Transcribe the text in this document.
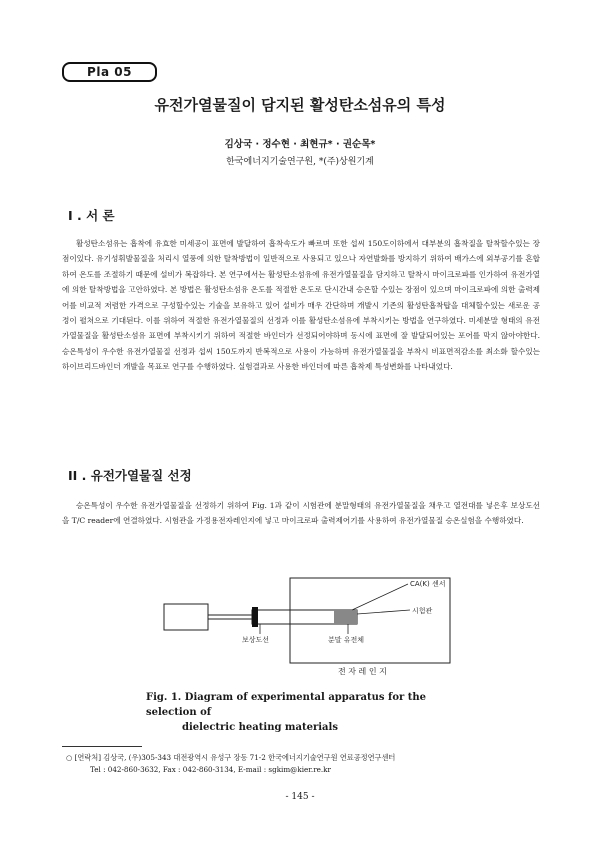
Pla 05
유전가열물질이 담지된 활성탄소섬유의 특성
김상국 · 정수현 · 최현규* · 권순목*
한국에너지기술연구원, *(주)상원기계
I . 서 론

활성탄소섬유는 흡착에 유효한 미세공이 표면에 발달하여 흡착속도가 빠르며 또한 섭씨 150도이하에서 대부분의 흡착질을 탈착할수있는 장점이있다. 유기성휘발물질을 처리시 열풍에 의한 탈착방법이 일반적으로 사용되고 있으나 자연발화를 방지하기 위하여 배가스에 외부공기를 혼합하여 온도를 조절하기 때문에 설비가 복잡하다. 본 연구에서는 활성탄소섬유에 유전가열물질을 담지하고 탈착시 마이크로파를 인가하여 유전가열에 의한 탈착방법을 고안하였다. 본 방법은 활성탄소섬유 온도를 적절한 온도로 단시간내 승온할 수있는 장점이 있으며 마이크로파에 의한 출력제어를 비교적 저렴한 가격으로 구성할수있는 기술을 보유하고 있어 설비가 매우 간단하며 개발시 기존의 활성탄흡착탑을 대체할수있는 새로운 공정이 펼쳐으로 기대된다. 이를 위하여 적절한 유전가열물질의 선정과 이를 활성탄소섬유에 부착시키는 방법을 연구하였다. 미세분말 형태의 유전가열물질을 활성탄소섬유 표면에 부착시키기 위하여 적절한 바인더가 선정되어야하며 동시에 표면에 잘 발달되어있는 포어를 막지 않아야한다. 승온특성이 우수한 유전가열물질 선정과 섭씨 150도까지 반복적으로 사용이 가능하며 유전가열물질을 부착시 비표면적감소를 최소화 할수있는 하이브리드바인더 개발을 목표로 연구를 수행하였다. 실험결과로 사용한 바인더에 따른 흡착제 특성변화를 나타내었다.

II . 유전가열물질 선정

승온특성이 우수한 유전가열물질을 선정하기 위하여 Fig. 1과 같이 시험관에 분말형태의 유전가열물질을 채우고 열전대를 넣은후 보상도선을 T/C reader에 연결하였다. 시험관을 가정용전자레인지에 넣고 마이크로파 출력제어기를 사용하여 유전가열물질 승온실험을 수행하였다.

CA(K) 센서
시험관
보상도선	분말 유전체
전 자 레 인 지
Fig. 1. Diagram of experimental apparatus for the selection of
dielectric heating materials
○ [연락처] 김상국, (우)305-343 대전광역시 유성구 장동 71-2 한국에너지기술연구원 연료공정연구센터
Tel : 042-860-3632, Fax : 042-860-3134, E-mail : sgkim@kier.re.kr
- 145 -
